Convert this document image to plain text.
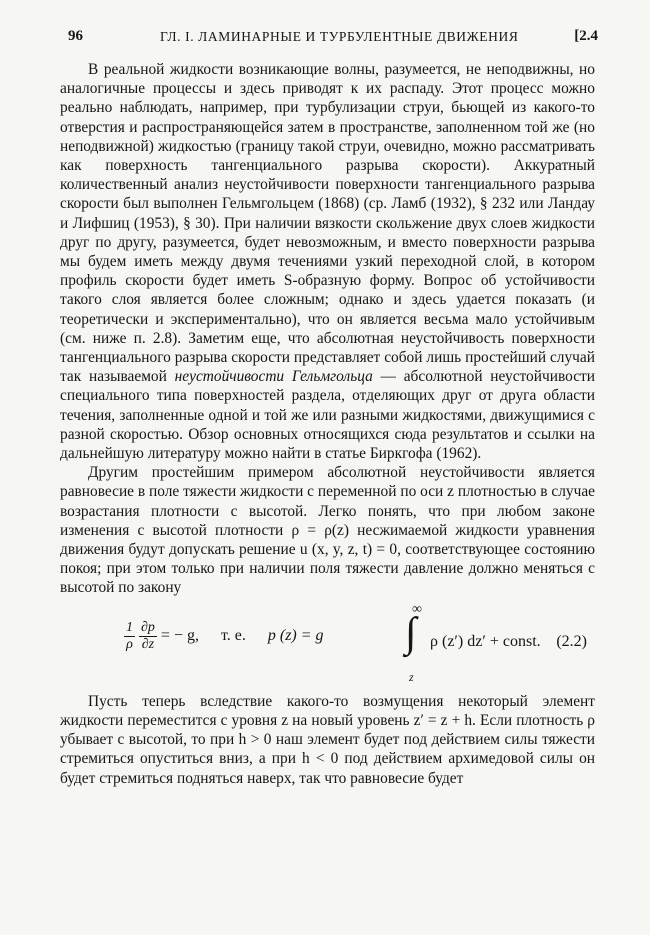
96	ГЛ. I. ЛАМИНАРНЫЕ И ТУРБУЛЕНТНЫЕ ДВИЖЕНИЯ	[2.4

В реальной жидкости возникающие волны, разумеется, не неподвижны, но аналогичные процессы и здесь приводят к их распаду. Этот процесс можно реально наблюдать, например, при турбулизации струи, бьющей из какого-то отверстия и распространяющейся затем в пространстве, заполненном той же (но неподвижной) жидкостью (границу такой струи, очевидно, можно рассматривать как поверхность тангенциального разрыва скорости). Аккуратный количественный анализ неустойчивости поверхности тангенциального разрыва скорости был выполнен Гельмгольцем (1868) (ср. Ламб (1932), § 232 или Ландау и Лифшиц (1953), § 30). При наличии вязкости скольжение двух слоев жидкости друг по другу, разумеется, будет невозможным, и вместо поверхности разрыва мы будем иметь между двумя течениями узкий переходной слой, в котором профиль скорости будет иметь S-образную форму. Вопрос об устойчивости такого слоя является более сложным; однако и здесь удается показать (и теоретически и экспериментально), что он является весьма мало устойчивым (см. ниже п. 2.8). Заметим еще, что абсолютная неустойчивость поверхности тангенциального разрыва скорости представляет собой лишь простейший случай так называемой неустойчивости Гельмгольца — абсолютной неустойчивости специального типа поверхностей раздела, отделяющих друг от друга области течения, заполненные одной и той же или разными жидкостями, движущимися с разной скоростью. Обзор основных относящихся сюда результатов и ссылки на дальнейшую литературу можно найти в статье Биркгофа (1962).

Другим простейшим примером абсолютной неустойчивости является равновесие в поле тяжести жидкости с переменной по оси z плотностью в случае возрастания плотности с высотой. Легко понять, что при любом законе изменения с высотой плотности ρ = ρ(z) несжимаемой жидкости уравнения движения будут допускать решение u (x, y, z, t) = 0, соответствующее состоянию покоя; при этом только при наличии поля тяжести давление должно меняться с высотой по закону

$\frac{1}{\rho}$
$\frac{\partial p}{\partial z}$ = − g, т. е. p (z) = g
∞
∫
z
ρ (z′) dz′ + const. (2.2)

Пусть теперь вследствие какого-то возмущения некоторый элемент жидкости переместится с уровня z на новый уровень z′ = z + h. Если плотность ρ убывает с высотой, то при h > 0 наш элемент будет под действием силы тяжести стремиться опуститься вниз, а при h < 0 под действием архимедовой силы он будет стремиться подняться наверх, так что равновесие будет
